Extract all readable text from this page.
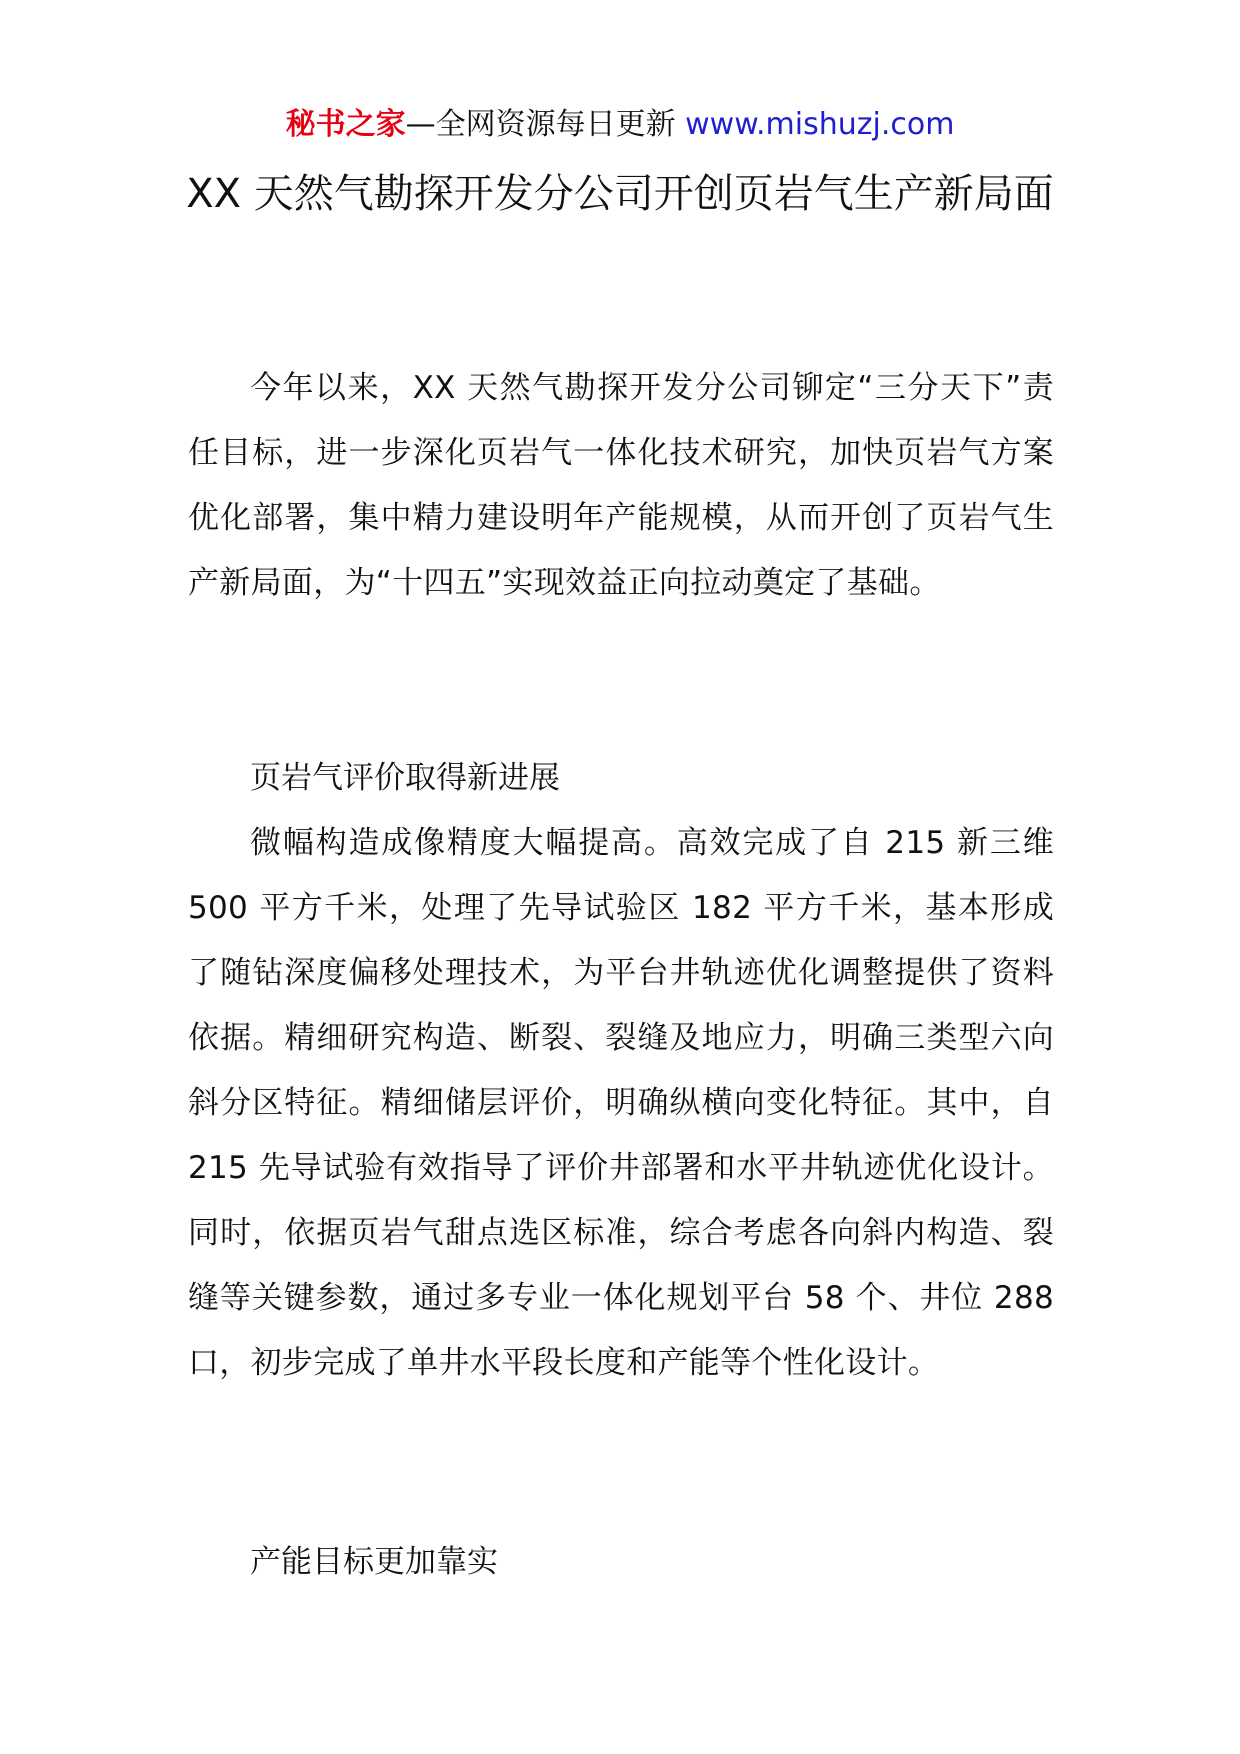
秘书之家—全网资源每日更新 www.mishuzj.com
XX 天然气勘探开发分公司开创页岩气生产新局面

今年以来，XX 天然气勘探开发分公司铆定“三分天下”责任目标，进一步深化页岩气一体化技术研究，加快页岩气方案优化部署，集中精力建设明年产能规模，从而开创了页岩气生产新局面，为“十四五”实现效益正向拉动奠定了基础。

页岩气评价取得新进展

微幅构造成像精度大幅提高。高效完成了自 215 新三维 500 平方千米，处理了先导试验区 182 平方千米，基本形成了随钻深度偏移处理技术，为平台井轨迹优化调整提供了资料依据。精细研究构造、断裂、裂缝及地应力，明确三类型六向斜分区特征。精细储层评价，明确纵横向变化特征。其中，自 215 先导试验有效指导了评价井部署和水平井轨迹优化设计。同时，依据页岩气甜点选区标准，综合考虑各向斜内构造、裂缝等关键参数，通过多专业一体化规划平台 58 个、井位 288 口，初步完成了单井水平段长度和产能等个性化设计。

产能目标更加靠实
